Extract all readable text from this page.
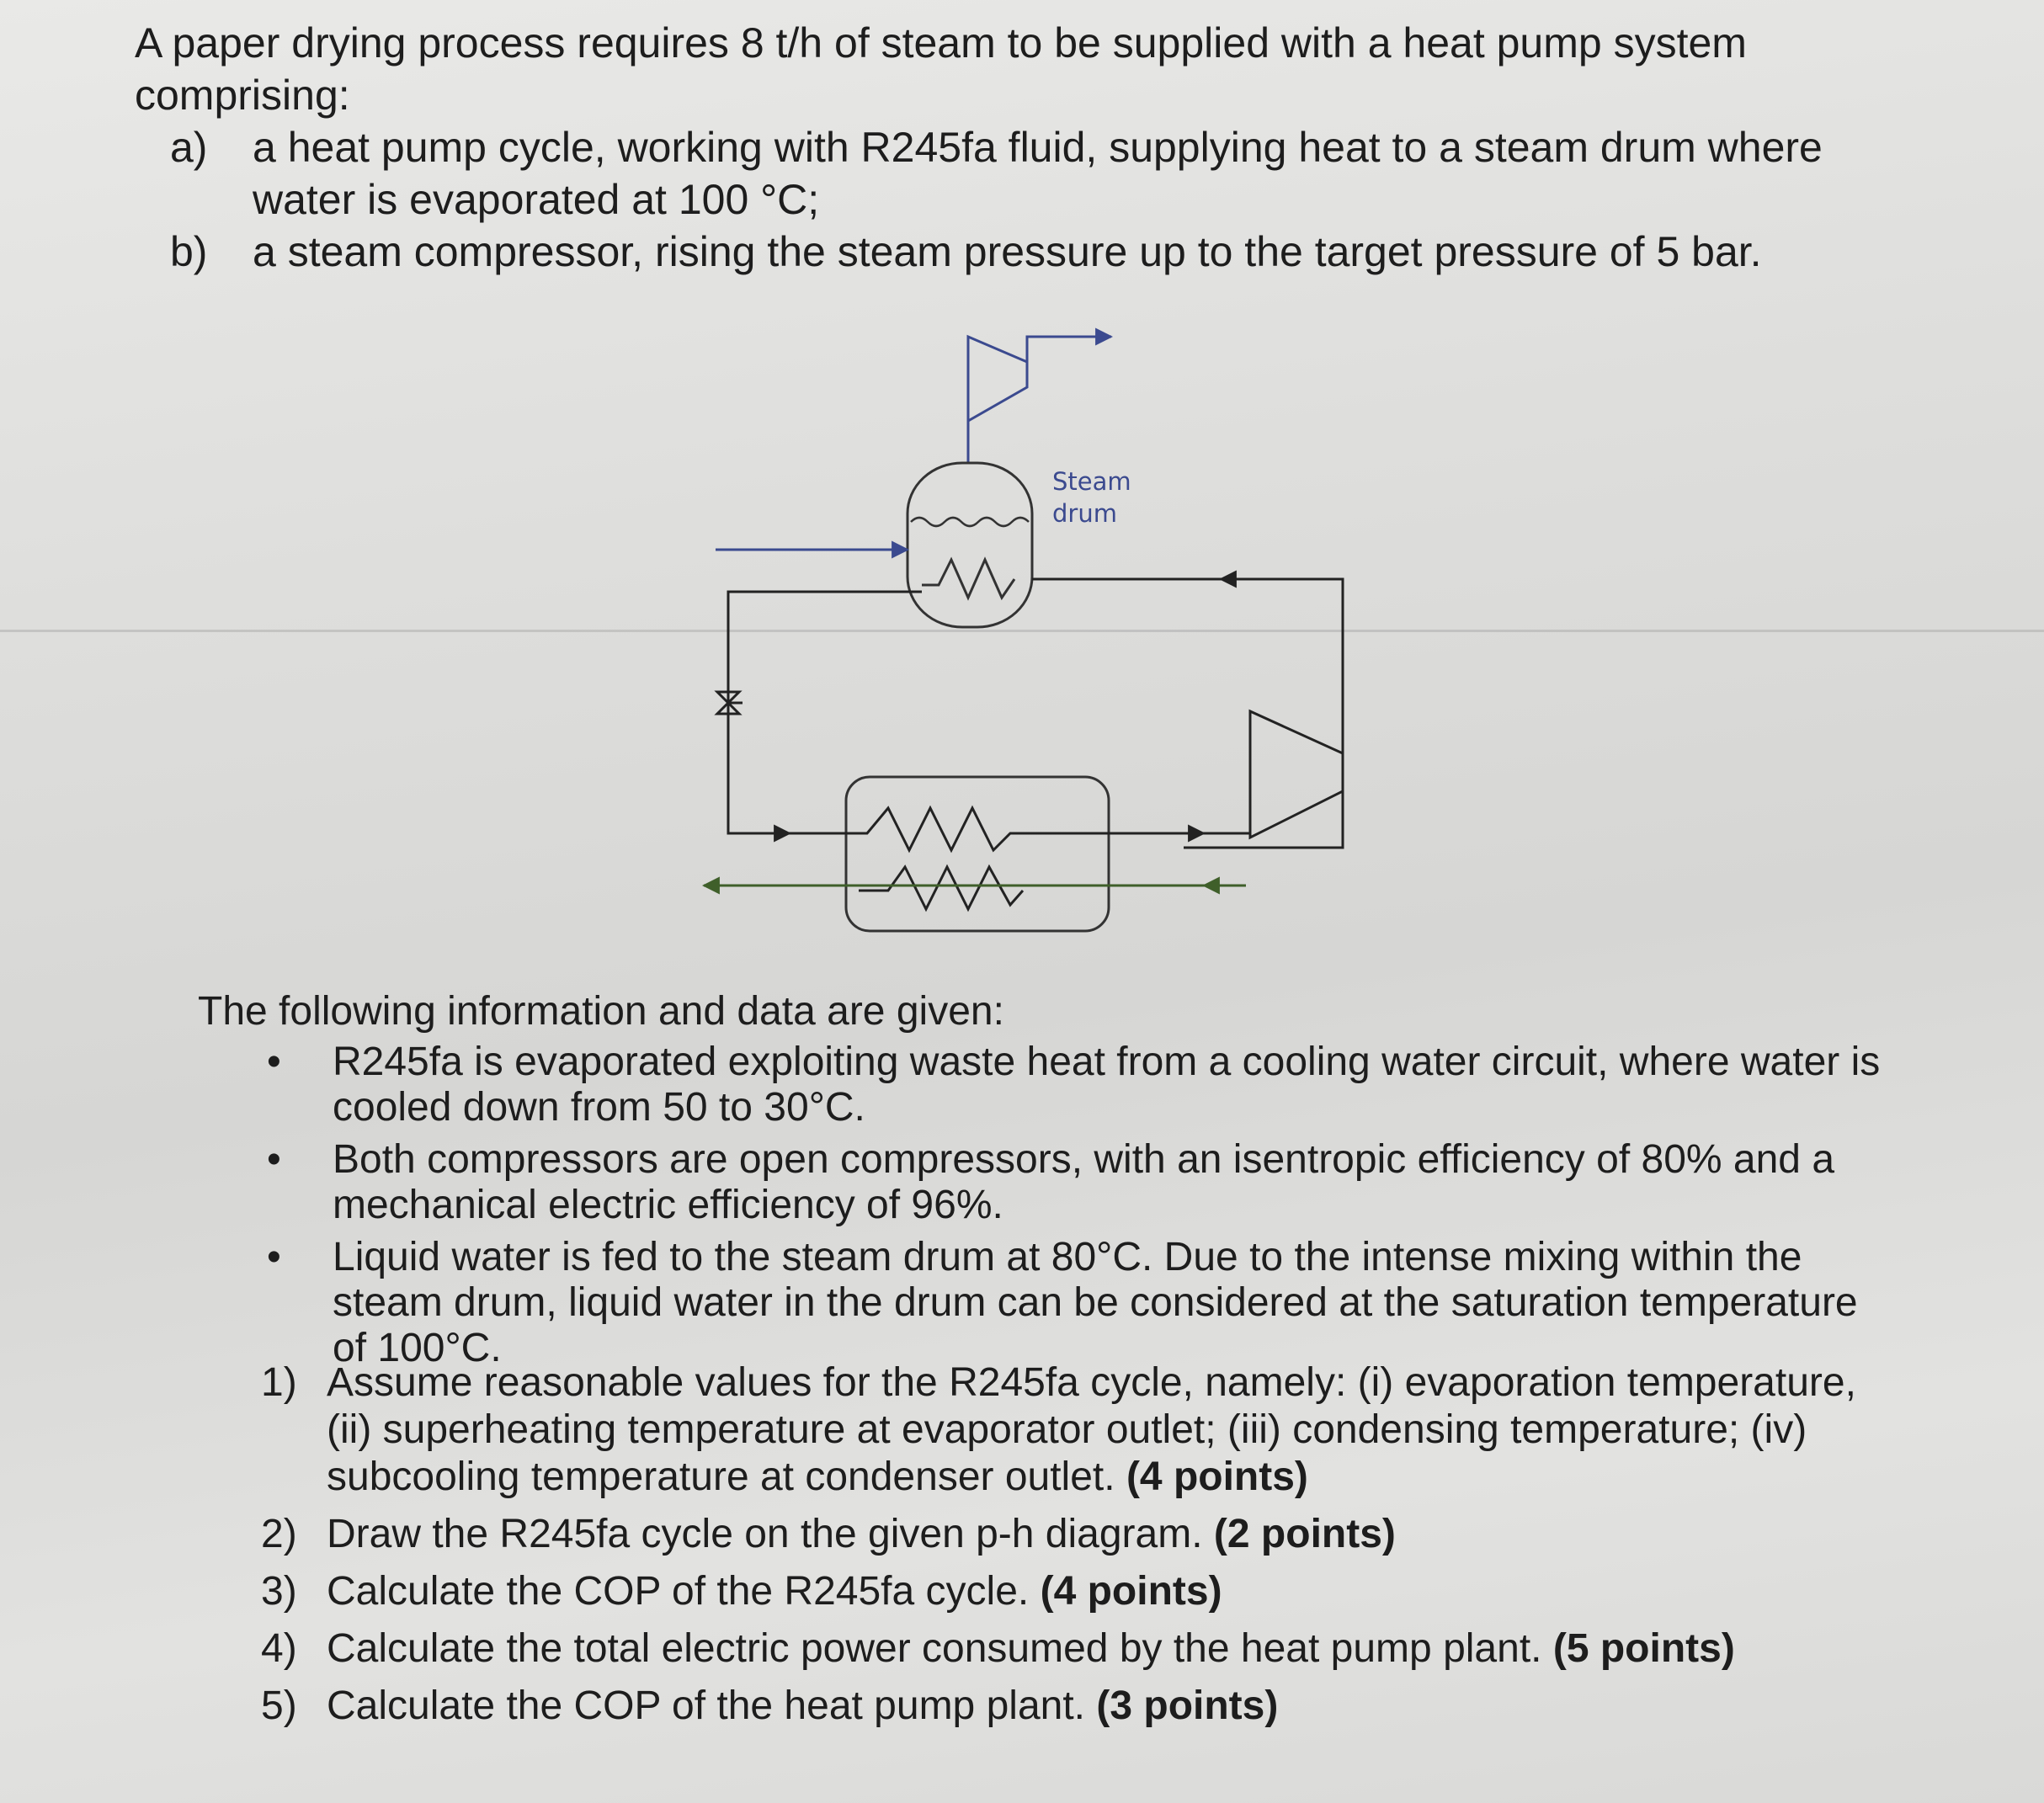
A paper drying process requires 8 t/h of steam to be supplied with a heat pump system comprising:

a) a heat pump cycle, working with R245fa fluid, supplying heat to a steam drum where water is evaporated at 100 °C;
b) a steam compressor, rising the steam pressure up to the target pressure of 5 bar.
Steam
drum

The following information and data are given:

• R245fa is evaporated exploiting waste heat from a cooling water circuit, where water is cooled down from 50 to 30°C.
• Both compressors are open compressors, with an isentropic efficiency of 80% and a mechanical electric efficiency of 96%.
• Liquid water is fed to the steam drum at 80°C. Due to the intense mixing within the steam drum, liquid water in the drum can be considered at the saturation temperature of 100°C.
1) Assume reasonable values for the R245fa cycle, namely: (i) evaporation temperature, (ii) superheating temperature at evaporator outlet; (iii) condensing temperature; (iv) subcooling temperature at condenser outlet. (4 points)
2) Draw the R245fa cycle on the given p-h diagram. (2 points)
3) Calculate the COP of the R245fa cycle. (4 points)
4) Calculate the total electric power consumed by the heat pump plant. (5 points)
5) Calculate the COP of the heat pump plant. (3 points)
